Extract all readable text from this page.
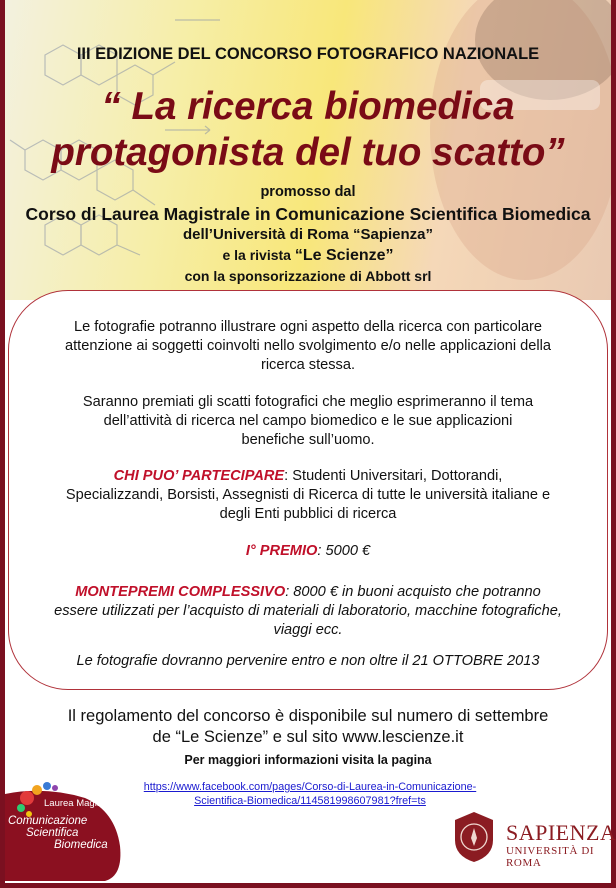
III EDIZIONE DEL CONCORSO FOTOGRAFICO NAZIONALE
“ La ricerca biomedica
protagonista del tuo scatto”
promosso dal
Corso di Laurea Magistrale in Comunicazione Scientifica Biomedica
dell’Università di Roma “Sapienza”
e la rivista “Le Scienze”
con la sponsorizzazione di Abbott srl
Le fotografie potranno illustrare ogni aspetto della ricerca con particolare
attenzione ai soggetti coinvolti nello svolgimento e/o nelle applicazioni della
ricerca stessa.
Saranno premiati gli scatti fotografici che meglio esprimeranno il tema
dell’attività di ricerca nel campo biomedico e le sue applicazioni
benefiche sull’uomo.
CHI PUO’ PARTECIPARE: Studenti Universitari, Dottorandi,
Specializzandi, Borsisti, Assegnisti di Ricerca di tutte le università italiane e
degli Enti pubblici di ricerca
I° PREMIO: 5000 €
MONTEPREMI COMPLESSIVO: 8000 € in buoni acquisto che potranno
essere utilizzati per l’acquisto di materiali di laboratorio, macchine fotografiche,
viaggi ecc.
Le fotografie dovranno pervenire entro e non oltre il 21 OTTOBRE 2013
Il regolamento del concorso è disponibile sul numero di settembre
de “Le Scienze” e sul sito www.lescienze.it
Per maggiori informazioni visita la pagina
https://www.facebook.com/pages/Corso-di-Laurea-in-Comunicazione-
Scientifica-Biomedica/114581998607981?fref=ts
Laurea Magistrale
Comunicazione
Scientifica
Biomedica	SAPIENZA
UNIVERSITÀ DI ROMA
